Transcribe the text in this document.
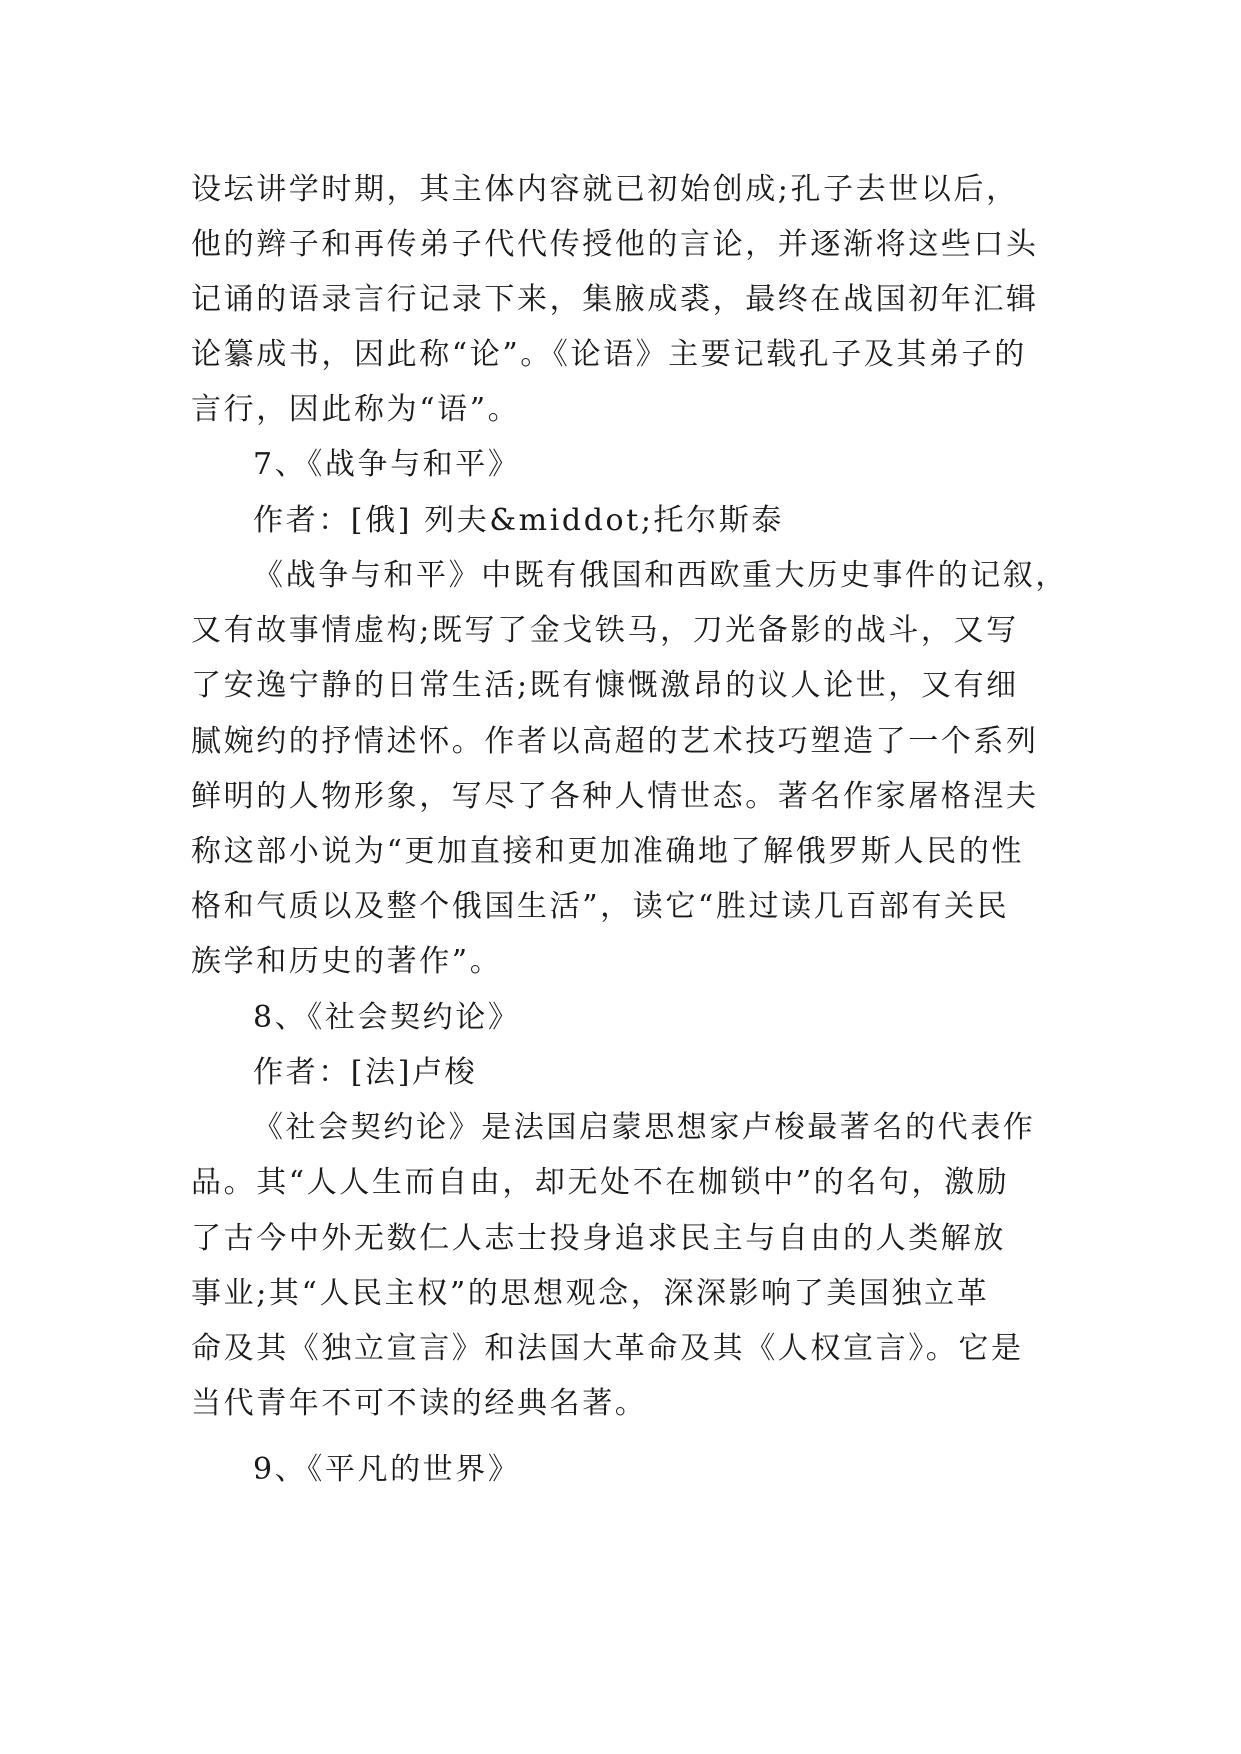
设坛讲学时期，其主体内容就已初始创成;孔子去世以后，

他的辫子和再传弟子代代传授他的言论，并逐渐将这些口头

记诵的语录言行记录下来，集腋成裘，最终在战国初年汇辑

论纂成书，因此称“论”。《论语》主要记载孔子及其弟子的

言行，因此称为“语”。

7、《战争与和平》

作者：[俄] 列夫&middot;托尔斯泰

《战争与和平》中既有俄国和西欧重大历史事件的记叙，

又有故事情虚构;既写了金戈铁马，刀光备影的战斗，又写

了安逸宁静的日常生活;既有慷慨激昂的议人论世，又有细

腻婉约的抒情述怀。作者以高超的艺术技巧塑造了一个系列

鲜明的人物形象，写尽了各种人情世态。著名作家屠格涅夫

称这部小说为“更加直接和更加准确地了解俄罗斯人民的性

格和气质以及整个俄国生活”，读它“胜过读几百部有关民

族学和历史的著作”。

8、《社会契约论》

作者：[法]卢梭

《社会契约论》是法国启蒙思想家卢梭最著名的代表作

品。其“人人生而自由，却无处不在枷锁中”的名句，激励

了古今中外无数仁人志士投身追求民主与自由的人类解放

事业;其“人民主权”的思想观念，深深影响了美国独立革

命及其《独立宣言》和法国大革命及其《人权宣言》。它是

当代青年不可不读的经典名著。

9、《平凡的世界》
